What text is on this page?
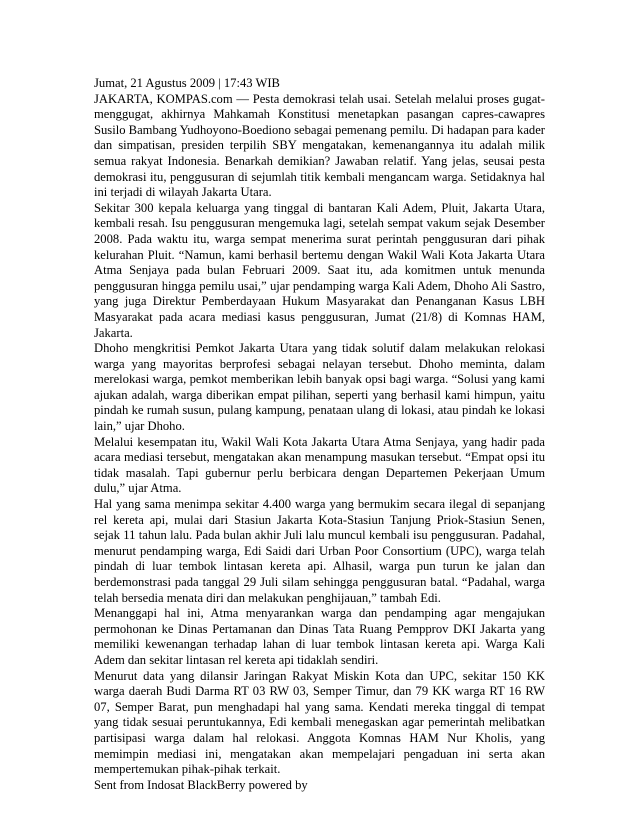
Jumat, 21 Agustus 2009 | 17:43 WIB

JAKARTA, KOMPAS.com — Pesta demokrasi telah usai. Setelah melalui proses gugat-menggugat, akhirnya Mahkamah Konstitusi menetapkan pasangan capres-cawapres Susilo Bambang Yudhoyono-Boediono sebagai pemenang pemilu. Di hadapan para kader dan simpatisan, presiden terpilih SBY mengatakan, kemenangannya itu adalah milik semua rakyat Indonesia. Benarkah demikian? Jawaban relatif. Yang jelas, seusai pesta demokrasi itu, penggusuran di sejumlah titik kembali mengancam warga. Setidaknya hal ini terjadi di wilayah Jakarta Utara.

Sekitar 300 kepala keluarga yang tinggal di bantaran Kali Adem, Pluit, Jakarta Utara, kembali resah. Isu penggusuran mengemuka lagi, setelah sempat vakum sejak Desember 2008. Pada waktu itu, warga sempat menerima surat perintah penggusuran dari pihak kelurahan Pluit. “Namun, kami berhasil bertemu dengan Wakil Wali Kota Jakarta Utara Atma Senjaya pada bulan Februari 2009. Saat itu, ada komitmen untuk menunda penggusuran hingga pemilu usai,” ujar pendamping warga Kali Adem, Dhoho Ali Sastro, yang juga Direktur Pemberdayaan Hukum Masyarakat dan Penanganan Kasus LBH Masyarakat pada acara mediasi kasus penggusuran, Jumat (21/8) di Komnas HAM, Jakarta.

Dhoho mengkritisi Pemkot Jakarta Utara yang tidak solutif dalam melakukan relokasi warga yang mayoritas berprofesi sebagai nelayan tersebut. Dhoho meminta, dalam merelokasi warga, pemkot memberikan lebih banyak opsi bagi warga. “Solusi yang kami ajukan adalah, warga diberikan empat pilihan, seperti yang berhasil kami himpun, yaitu pindah ke rumah susun, pulang kampung, penataan ulang di lokasi, atau pindah ke lokasi lain,” ujar Dhoho.

Melalui kesempatan itu, Wakil Wali Kota Jakarta Utara Atma Senjaya, yang hadir pada acara mediasi tersebut, mengatakan akan menampung masukan tersebut. “Empat opsi itu tidak masalah. Tapi gubernur perlu berbicara dengan Departemen Pekerjaan Umum dulu,” ujar Atma.

Hal yang sama menimpa sekitar 4.400 warga yang bermukim secara ilegal di sepanjang rel kereta api, mulai dari Stasiun Jakarta Kota-Stasiun Tanjung Priok-Stasiun Senen, sejak 11 tahun lalu. Pada bulan akhir Juli lalu muncul kembali isu penggusuran. Padahal, menurut pendamping warga, Edi Saidi dari Urban Poor Consortium (UPC), warga telah pindah di luar tembok lintasan kereta api. Alhasil, warga pun turun ke jalan dan berdemonstrasi pada tanggal 29 Juli silam sehingga penggusuran batal. “Padahal, warga telah bersedia menata diri dan melakukan penghijauan,” tambah Edi.

Menanggapi hal ini, Atma menyarankan warga dan pendamping agar mengajukan permohonan ke Dinas Pertamanan dan Dinas Tata Ruang Pempprov DKI Jakarta yang memiliki kewenangan terhadap lahan di luar tembok lintasan kereta api. Warga Kali Adem dan sekitar lintasan rel kereta api tidaklah sendiri.

Menurut data yang dilansir Jaringan Rakyat Miskin Kota dan UPC, sekitar 150 KK warga daerah Budi Darma RT 03 RW 03, Semper Timur, dan 79 KK warga RT 16 RW 07, Semper Barat, pun menghadapi hal yang sama. Kendati mereka tinggal di tempat yang tidak sesuai peruntukannya, Edi kembali menegaskan agar pemerintah melibatkan partisipasi warga dalam hal relokasi. Anggota Komnas HAM Nur Kholis, yang memimpin mediasi ini, mengatakan akan mempelajari pengaduan ini serta akan mempertemukan pihak-pihak terkait.

Sent from Indosat BlackBerry powered by
